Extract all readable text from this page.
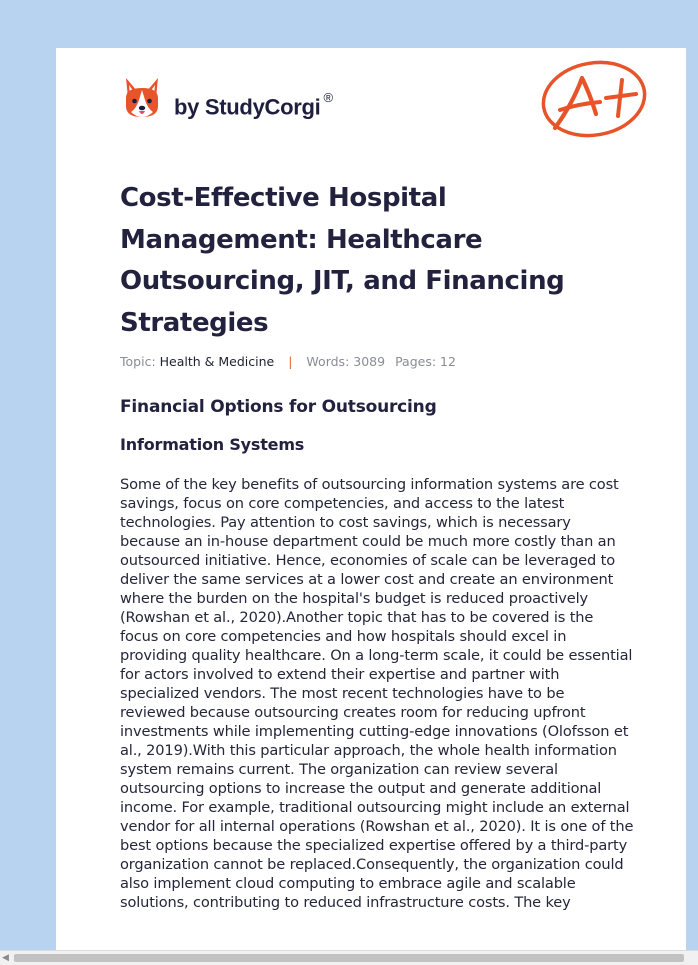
by StudyCorgi ®
Cost-Effective Hospital Management: Healthcare Outsourcing, JIT, and Financing Strategies
Topic: Health & Medicine | Words: 3089 Pages: 12
Financial Options for Outsourcing
Information Systems

Some of the key benefits of outsourcing information systems are cost savings, focus on core competencies, and access to the latest technologies. Pay attention to cost savings, which is necessary because an in-house department could be much more costly than an outsourced initiative. Hence, economies of scale can be leveraged to deliver the same services at a lower cost and create an environment where the burden on the hospital's budget is reduced proactively (Rowshan et al., 2020).Another topic that has to be covered is the focus on core competencies and how hospitals should excel in providing quality healthcare. On a long-term scale, it could be essential for actors involved to extend their expertise and partner with specialized vendors. The most recent technologies have to be reviewed because outsourcing creates room for reducing upfront investments while implementing cutting-edge innovations (Olofsson et al., 2019).With this particular approach, the whole health information system remains current. The organization can review several outsourcing options to increase the output and generate additional income. For example, traditional outsourcing might include an external vendor for all internal operations (Rowshan et al., 2020). It is one of the best options because the specialized expertise offered by a third-party organization cannot be replaced.Consequently, the organization could also implement cloud computing to embrace agile and scalable solutions, contributing to reduced infrastructure costs. The key

◀
